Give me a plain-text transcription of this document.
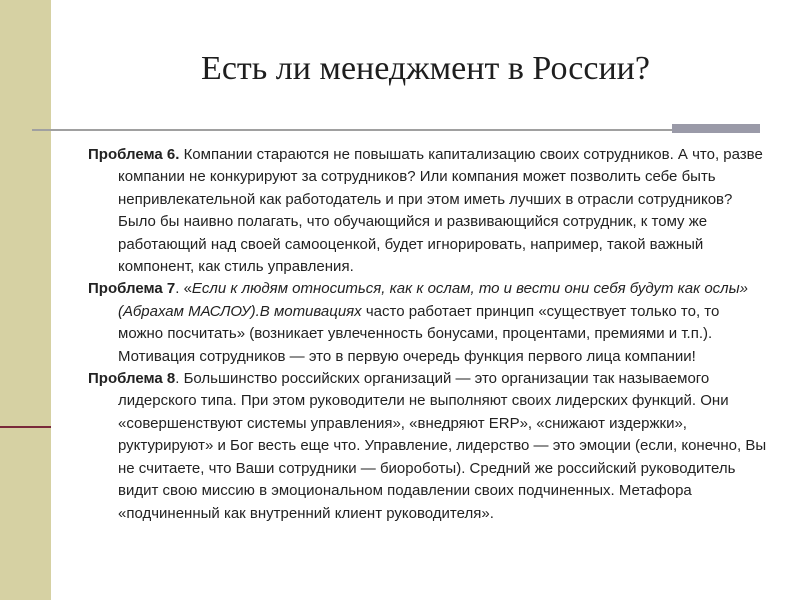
Есть ли менеджмент в России?

Проблема 6. Компании стараются не повышать капитализацию своих сотрудников. А что, разве компании не конкурируют за сотрудников? Или компания может позволить себе быть непривлекательной как работодатель и при этом иметь лучших в отрасли сотрудников? Было бы наивно полагать, что обучающийся и развивающийся сотрудник, к тому же работающий над своей самооценкой, будет игнорировать, например, такой важный компонент, как стиль управления.

Проблема 7. «Если к людям относиться, как к ослам, то и вести они себя будут как ослы» (Абрахам МАСЛОУ).В мотивациях часто работает принцип «существует только то, то можно посчитать» (возникает увлеченность бонусами, процентами, премиями и т.п.). Мотивация сотрудников — это в первую очередь функция первого лица компании!

Проблема 8. Большинство российских организаций — это организации так называемого лидерского типа. При этом руководители не выполняют своих лидерских функций. Они «совершенствуют системы управления», «внедряют ERP», «снижают издержки», руктурируют» и Бог весть еще что. Управление, лидерство — это эмоции (если, конечно, Вы не считаете, что Ваши сотрудники — биороботы). Средний же российский руководитель видит свою миссию в эмоциональном подавлении своих подчиненных. Метафора «подчиненный как внутренний клиент руководителя».
